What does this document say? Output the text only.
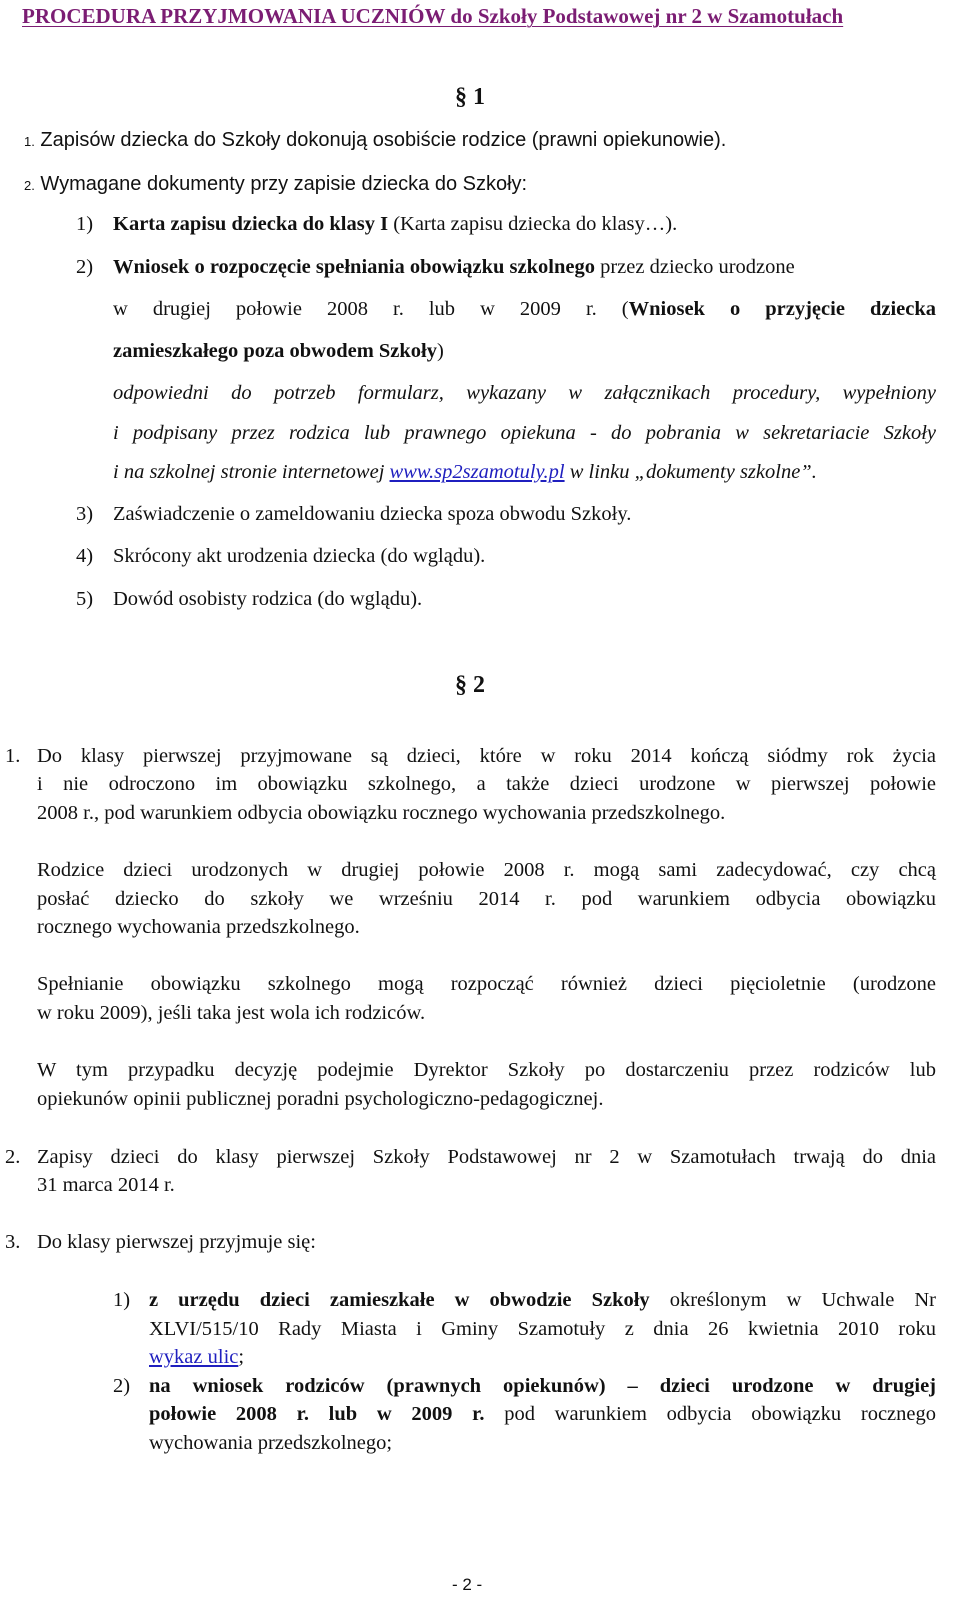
PROCEDURA PRZYJMOWANIA UCZNIÓW do Szkoły Podstawowej nr 2 w Szamotułach
§ 1
1. Zapisów dziecka do Szkoły dokonują osobiście rodzice (prawni opiekunowie).
2. Wymagane dokumenty przy zapisie dziecka do Szkoły:
1) Karta zapisu dziecka do klasy I (Karta zapisu dziecka do klasy…).
2) Wniosek o rozpoczęcie spełniania obowiązku szkolnego przez dziecko urodzone
w drugiej połowie 2008 r. lub w 2009 r. (Wniosek o przyjęcie dziecka
zamieszkałego poza obwodem Szkoły)
odpowiedni do potrzeb formularz, wykazany w załącznikach procedury, wypełniony
i podpisany przez rodzica lub prawnego opiekuna - do pobrania w sekretariacie Szkoły
i na szkolnej stronie internetowej www.sp2szamotuly.pl w linku „dokumenty szkolne”.
3) Zaświadczenie o zameldowaniu dziecka spoza obwodu Szkoły.
4) Skrócony akt urodzenia dziecka (do wglądu).
5) Dowód osobisty rodzica (do wglądu).
§ 2
1. Do klasy pierwszej przyjmowane są dzieci, które w roku 2014 kończą siódmy rok życia
i nie odroczono im obowiązku szkolnego, a także dzieci urodzone w pierwszej połowie
2008 r., pod warunkiem odbycia obowiązku rocznego wychowania przedszkolnego.
Rodzice dzieci urodzonych w drugiej połowie 2008 r. mogą sami zadecydować, czy chcą
posłać dziecko do szkoły we wrześniu 2014 r. pod warunkiem odbycia obowiązku
rocznego wychowania przedszkolnego.
Spełnianie obowiązku szkolnego mogą rozpocząć również dzieci pięcioletnie (urodzone
w roku 2009), jeśli taka jest wola ich rodziców.
W tym przypadku decyzję podejmie Dyrektor Szkoły po dostarczeniu przez rodziców lub
opiekunów opinii publicznej poradni psychologiczno-pedagogicznej.
2. Zapisy dzieci do klasy pierwszej Szkoły Podstawowej nr 2 w Szamotułach trwają do dnia
31 marca 2014 r.
3. Do klasy pierwszej przyjmuje się:
1) z urzędu dzieci zamieszkałe w obwodzie Szkoły określonym w Uchwale Nr
XLVI/515/10 Rady Miasta i Gminy Szamotuły z dnia 26 kwietnia 2010 roku
wykaz ulic;
2) na wniosek rodziców (prawnych opiekunów) – dzieci urodzone w drugiej
połowie 2008 r. lub w 2009 r. pod warunkiem odbycia obowiązku rocznego
wychowania przedszkolnego;
- 2 -
